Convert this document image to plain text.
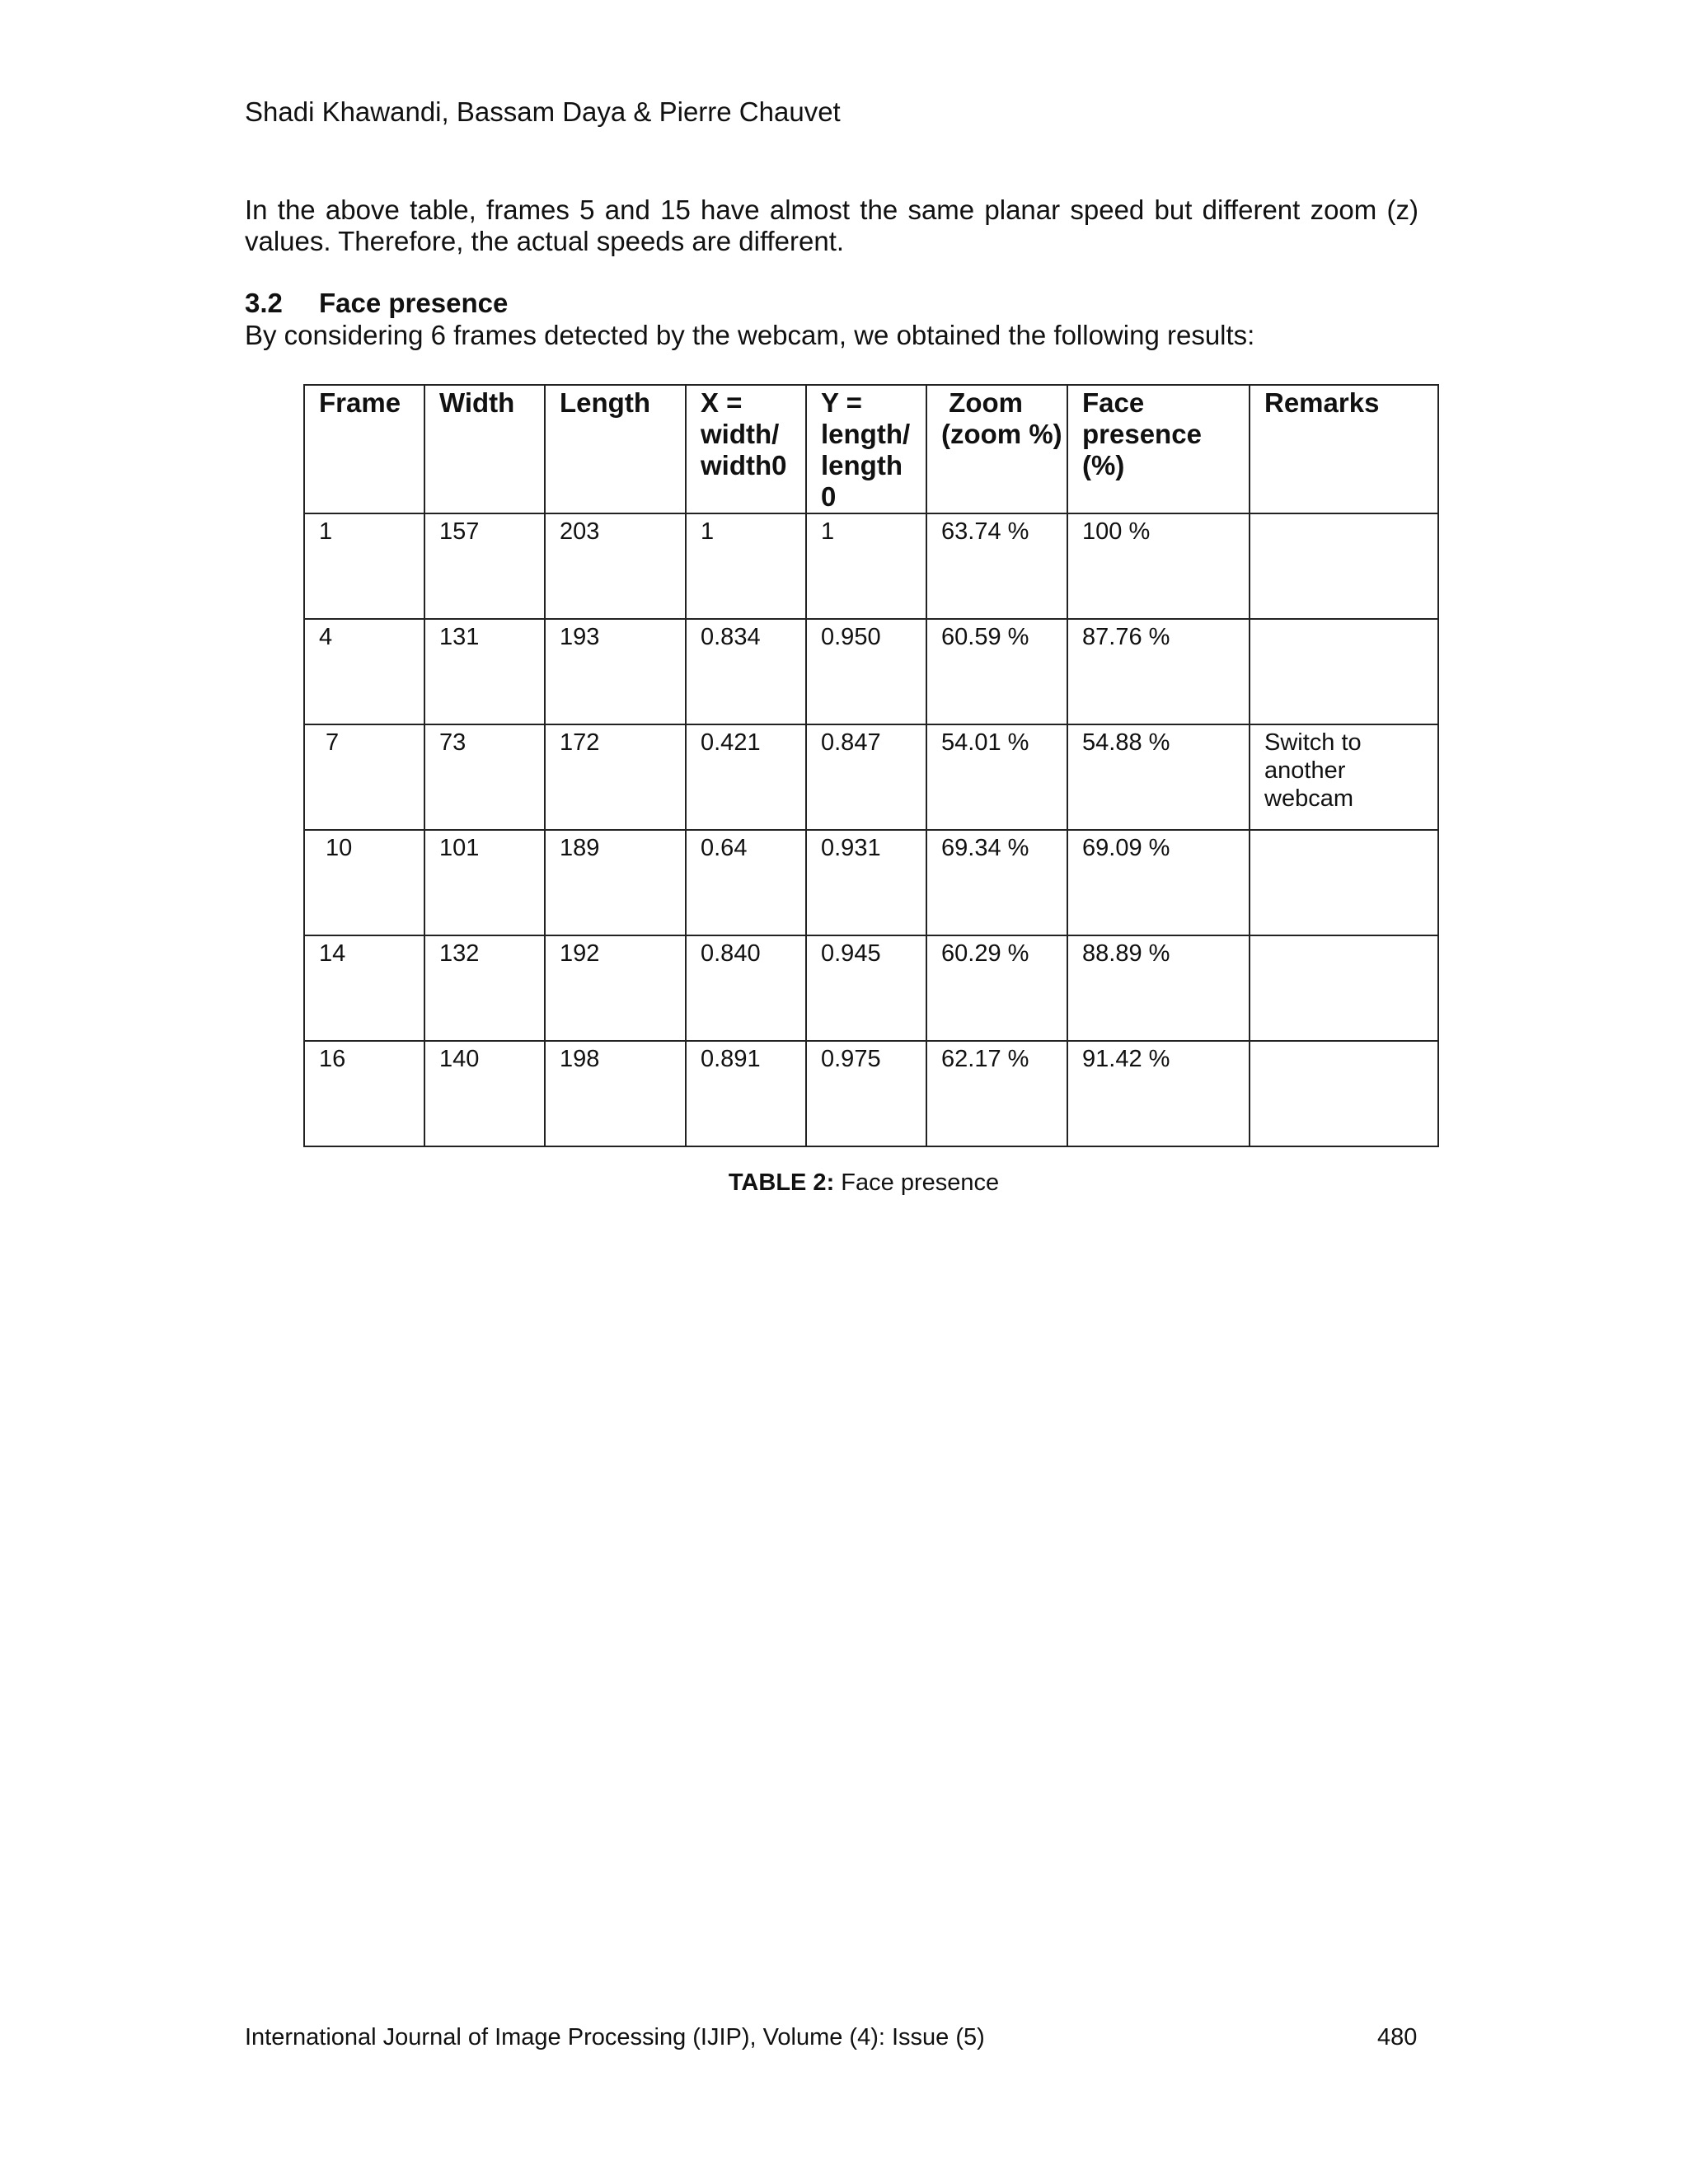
Shadi Khawandi, Bassam Daya & Pierre Chauvet
In the above table, frames 5 and 15 have almost the same planar speed but different zoom (z) values. Therefore, the actual speeds are different.
3.2 Face presence
By considering 6 frames detected by the webcam, we obtained the following results:
Frame	Width	Length	X = width/ width0	Y = length/ length 0	Zoom (zoom %)	Face presence (%)	Remarks
1	157	203	1	1	63.74 %	100 %	
4	131	193	0.834	0.950	60.59 %	87.76 %	
7	73	172	0.421	0.847	54.01 %	54.88 %	Switch to another webcam
10	101	189	0.64	0.931	69.34 %	69.09 %	
14	132	192	0.840	0.945	60.29 %	88.89 %	
16	140	198	0.891	0.975	62.17 %	91.42 %	
TABLE 2: Face presence
International Journal of Image Processing (IJIP), Volume (4): Issue (5)	480
